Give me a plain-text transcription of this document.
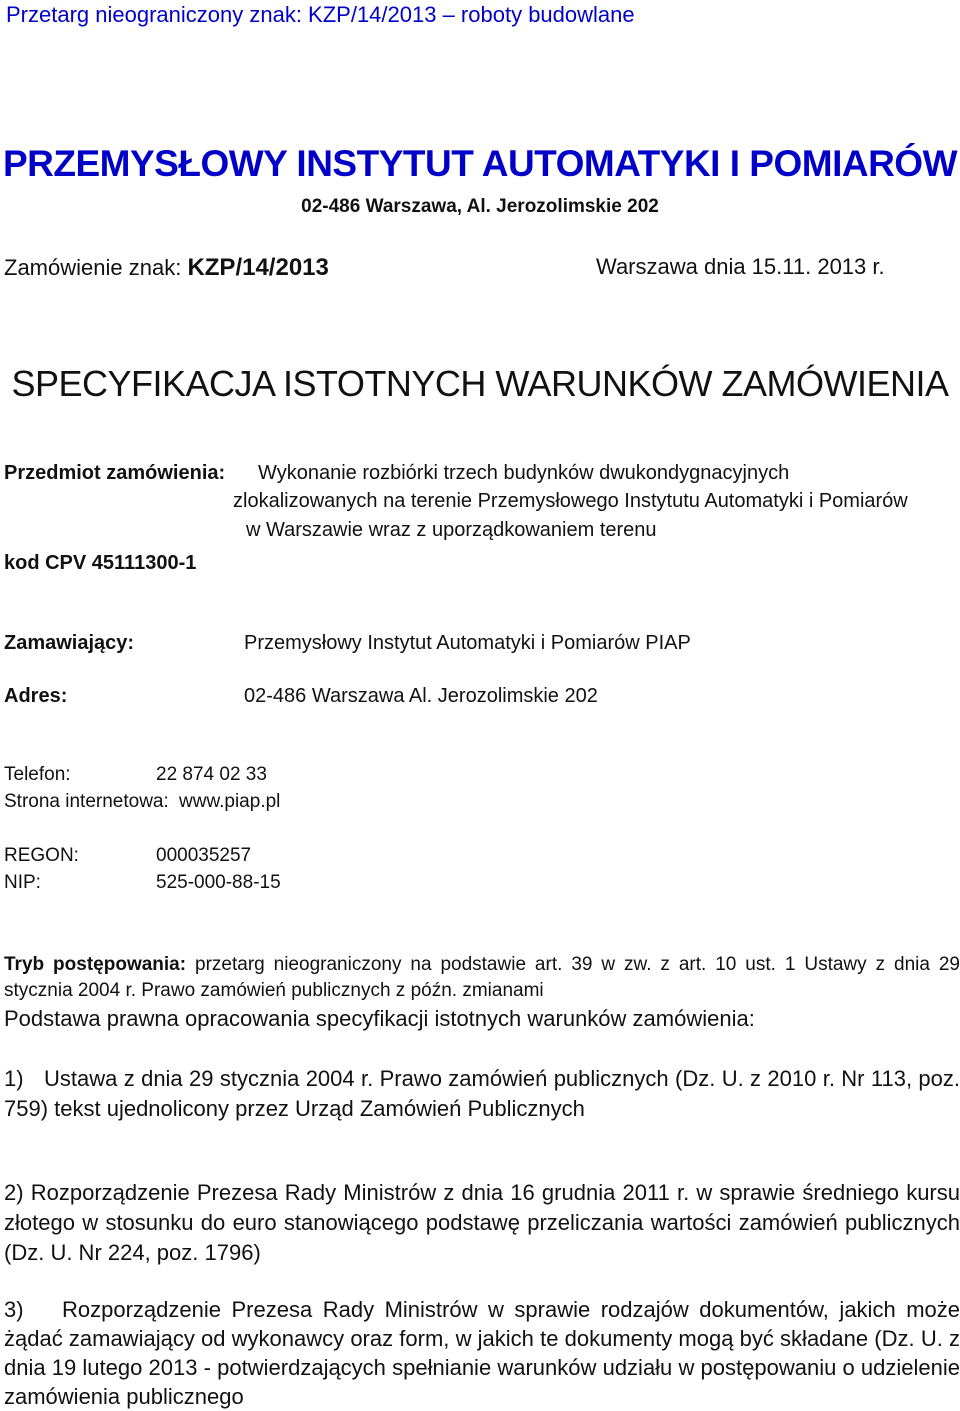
Przetarg nieograniczony znak: KZP/14/2013 – roboty budowlane
PRZEMYSŁOWY INSTYTUT AUTOMATYKI I POMIARÓW
02-486 Warszawa, Al. Jerozolimskie 202
Zamówienie znak: KZP/14/2013	Warszawa dnia 15.11. 2013 r.
SPECYFIKACJA ISTOTNYCH WARUNKÓW ZAMÓWIENIA
Przedmiot zamówienia: Wykonanie rozbiórki trzech budynków dwukondygnacyjnych
zlokalizowanych na terenie Przemysłowego Instytutu Automatyki i Pomiarów
w Warszawie wraz z uporządkowaniem terenu
kod CPV 45111300-1
Zamawiający:	Przemysłowy Instytut Automatyki i Pomiarów PIAP
Adres:	02-486 Warszawa Al. Jerozolimskie 202
Telefon:	22 874 02 33
Strona internetowa: www.piap.pl
REGON:	000035257
NIP:	525-000-88-15
Tryb postępowania: przetarg nieograniczony na podstawie art. 39 w zw. z art. 10 ust. 1 Ustawy z dnia 29 stycznia 2004 r. Prawo zamówień publicznych z późn. zmianami
Podstawa prawna opracowania specyfikacji istotnych warunków zamówienia:
1) Ustawa z dnia 29 stycznia 2004 r. Prawo zamówień publicznych (Dz. U. z 2010 r. Nr 113, poz. 759) tekst ujednolicony przez Urząd Zamówień Publicznych
2) Rozporządzenie Prezesa Rady Ministrów z dnia 16 grudnia 2011 r. w sprawie średniego kursu złotego w stosunku do euro stanowiącego podstawę przeliczania wartości zamówień publicznych (Dz. U. Nr 224, poz. 1796)
3) Rozporządzenie Prezesa Rady Ministrów w sprawie rodzajów dokumentów, jakich może żądać zamawiający od wykonawcy oraz form, w jakich te dokumenty mogą być składane (Dz. U. z dnia 19 lutego 2013 - potwierdzających spełnianie warunków udziału w postępowaniu o udzielenie zamówienia publicznego
